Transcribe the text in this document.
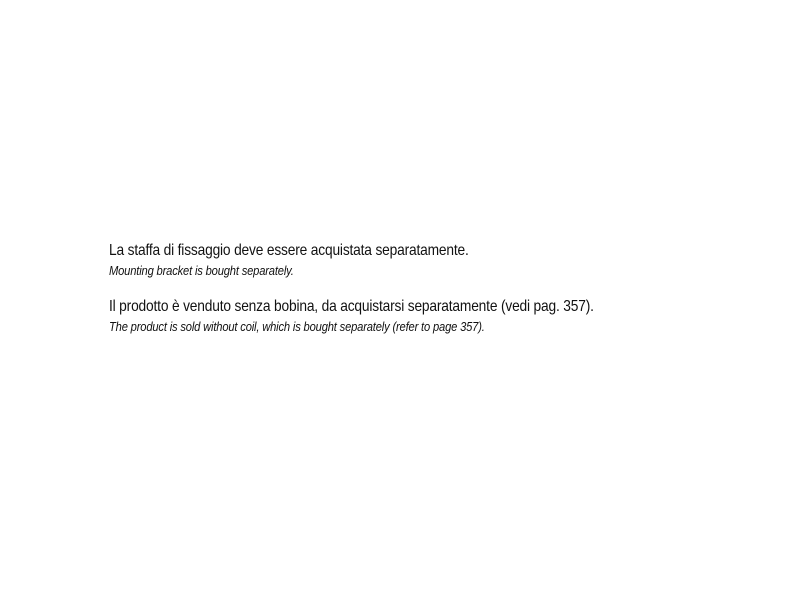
La staffa di fissaggio deve essere acquistata separatamente.
Mounting bracket is bought separately.

Il prodotto è venduto senza bobina, da acquistarsi separatamente (vedi pag. 357).
The product is sold without coil, which is bought separately (refer to page 357).
